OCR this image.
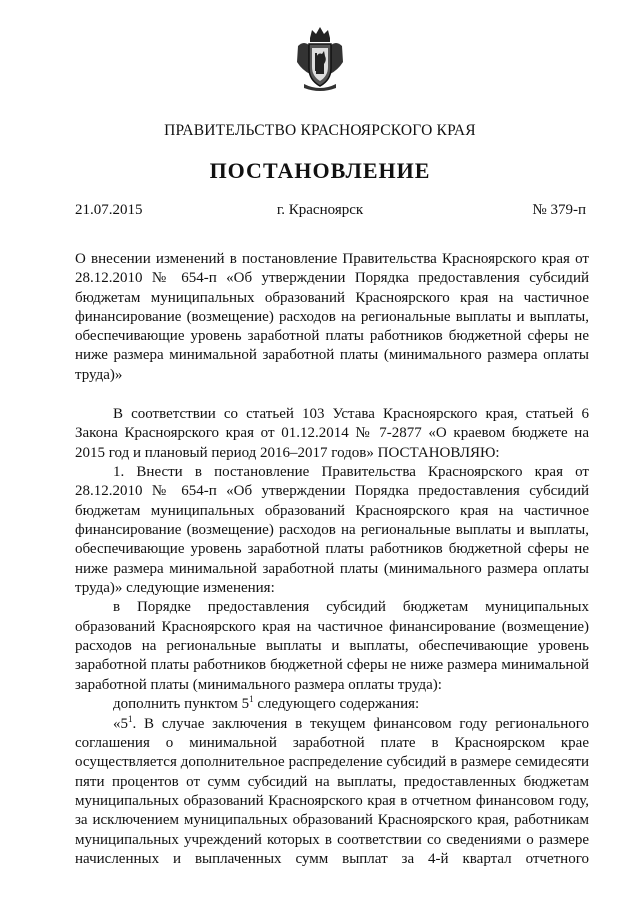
ПРАВИТЕЛЬСТВО КРАСНОЯРСКОГО КРАЯ
ПОСТАНОВЛЕНИЕ
21.07.2015	г. Красноярск	№ 379-п

О внесении изменений в постановление Правительства Красноярского края от 28.12.2010 № 654-п «Об утверждении Порядка предоставления субсидий бюджетам муниципальных образований Красноярского края на частичное финансирование (возмещение) расходов на региональные выплаты и выплаты, обеспечивающие уровень заработной платы работников бюджетной сферы не ниже размера минимальной заработной платы (минимального размера оплаты труда)»

В соответствии со статьей 103 Устава Красноярского края, статьей 6 Закона Красноярского края от 01.12.2014 № 7-2877 «О краевом бюджете на 2015 год и плановый период 2016–2017 годов» ПОСТАНОВЛЯЮ:

1. Внести в постановление Правительства Красноярского края от 28.12.2010 № 654-п «Об утверждении Порядка предоставления субсидий бюджетам муниципальных образований Красноярского края на частичное финансирование (возмещение) расходов на региональные выплаты и выплаты, обеспечивающие уровень заработной платы работников бюджетной сферы не ниже размера минимальной заработной платы (минимального размера оплаты труда)» следующие изменения:

в Порядке предоставления субсидий бюджетам муниципальных образований Красноярского края на частичное финансирование (возмещение) расходов на региональные выплаты и выплаты, обеспечивающие уровень заработной платы работников бюджетной сферы не ниже размера минимальной заработной платы (минимального размера оплаты труда):

дополнить пунктом $5^1$ следующего содержания:

«$5^1$. В случае заключения в текущем финансовом году регионального соглашения о минимальной заработной плате в Красноярском крае осуществляется дополнительное распределение субсидий в размере семидесяти пяти процентов от сумм субсидий на выплаты, предоставленных бюджетам муниципальных образований Красноярского края в отчетном финансовом году, за исключением муниципальных образований Красноярского края, работникам муниципальных учреждений которых в соответствии со сведениями о размере начисленных и выплаченных сумм выплат за 4-й квартал отчетного
